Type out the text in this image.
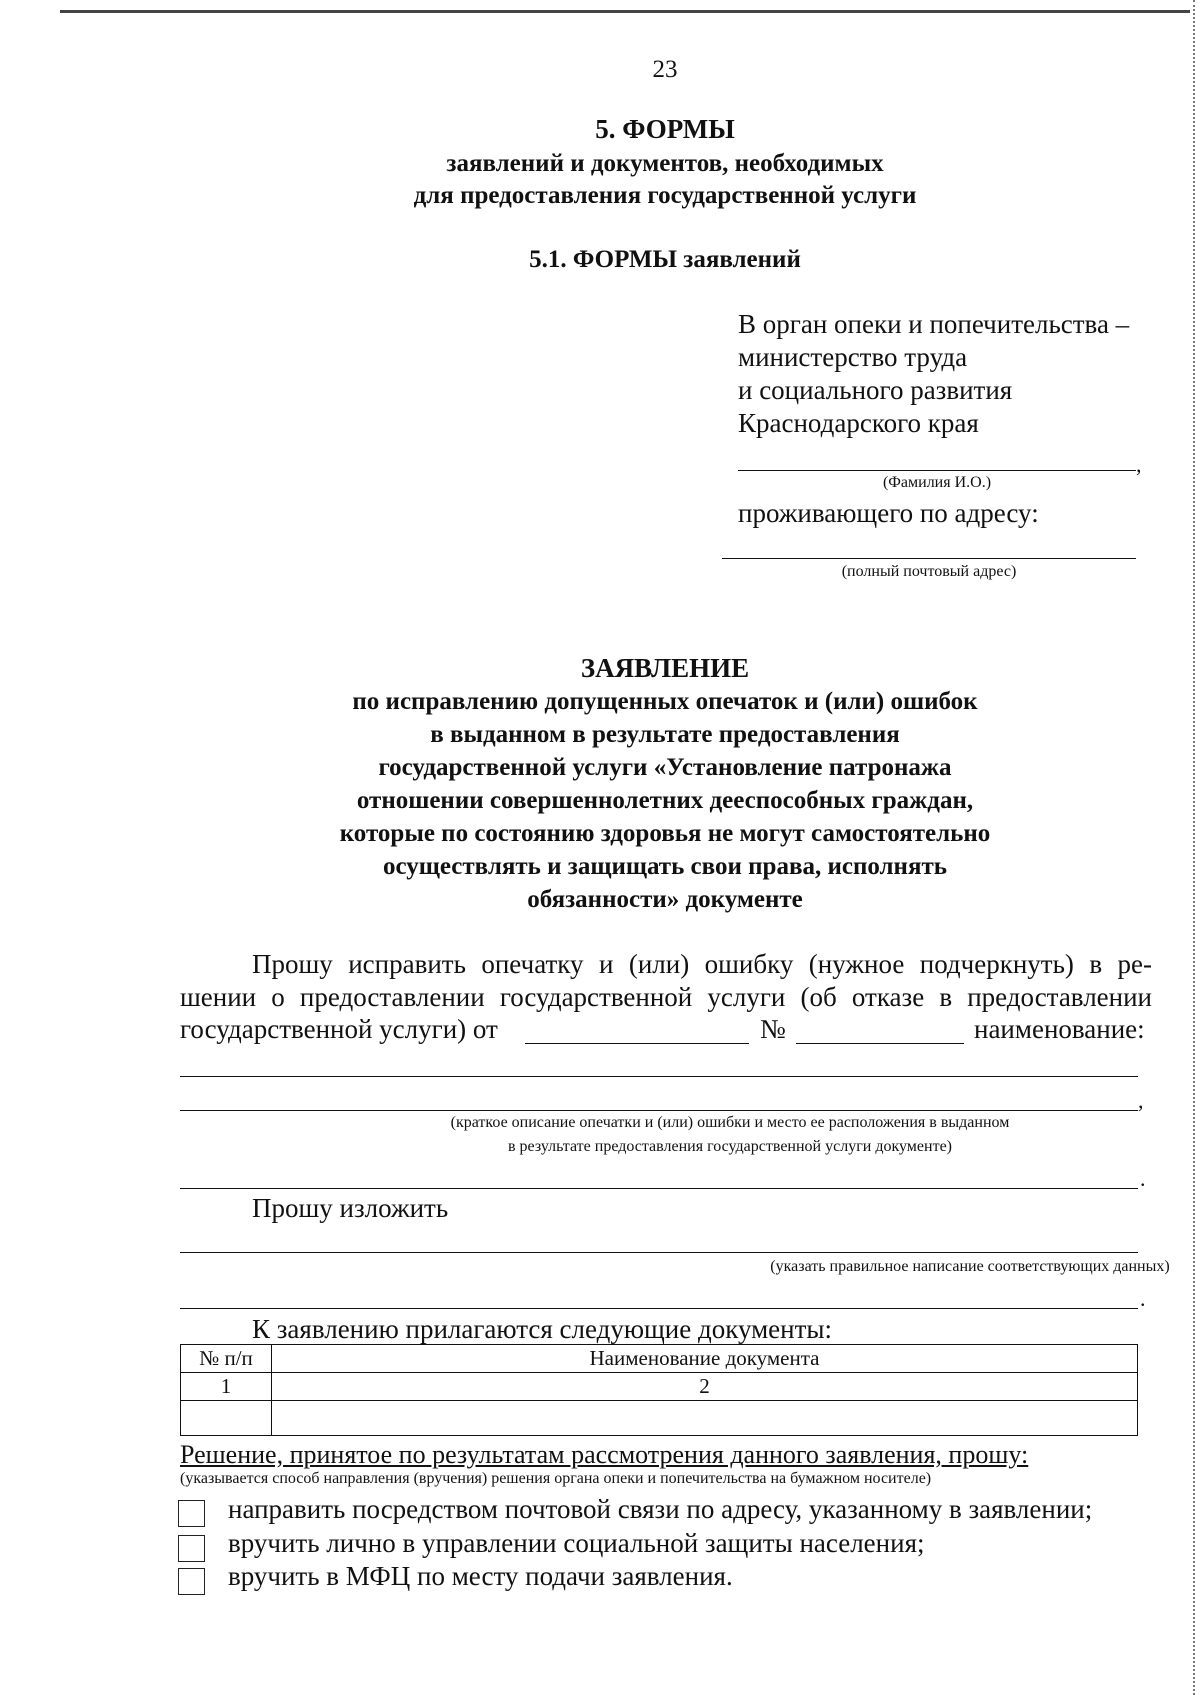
23
5. ФОРМЫ
заявлений и документов, необходимых
для предоставления государственной услуги
5.1. ФОРМЫ заявлений
В орган опеки и попечительства –
министерство труда
и социального развития
Краснодарского края
,
(Фамилия И.О.)
проживающего по адресу:
(полный почтовый адрес)
ЗАЯВЛЕНИЕ
по исправлению допущенных опечаток и (или) ошибок
в выданном в результате предоставления
государственной услуги «Установление патронажа
отношении совершеннолетних дееспособных граждан,
которые по состоянию здоровья не могут самостоятельно
осуществлять и защищать свои права, исполнять
обязанности» документе
Прошу исправить опечатку и (или) ошибку (нужное подчеркнуть) в ре-
шении о предоставлении государственной услуги (об отказе в предоставлении
государственной услуги) от	№	наименование:
,
(краткое описание опечатки и (или) ошибки и место ее расположения в выданном
в результате предоставления государственной услуги документе)
.
Прошу изложить
(указать правильное написание соответствующих данных)
.
К заявлению прилагаются следующие документы:
№ п/п	Наименование документа
1	2

Решение, принятое по результатам рассмотрения данного заявления, прошу:
(указывается способ направления (вручения) решения органа опеки и попечительства на бумажном носителе)
направить посредством почтовой связи по адресу, указанному в заявлении;
вручить лично в управлении социальной защиты населения;
вручить в МФЦ по месту подачи заявления.
